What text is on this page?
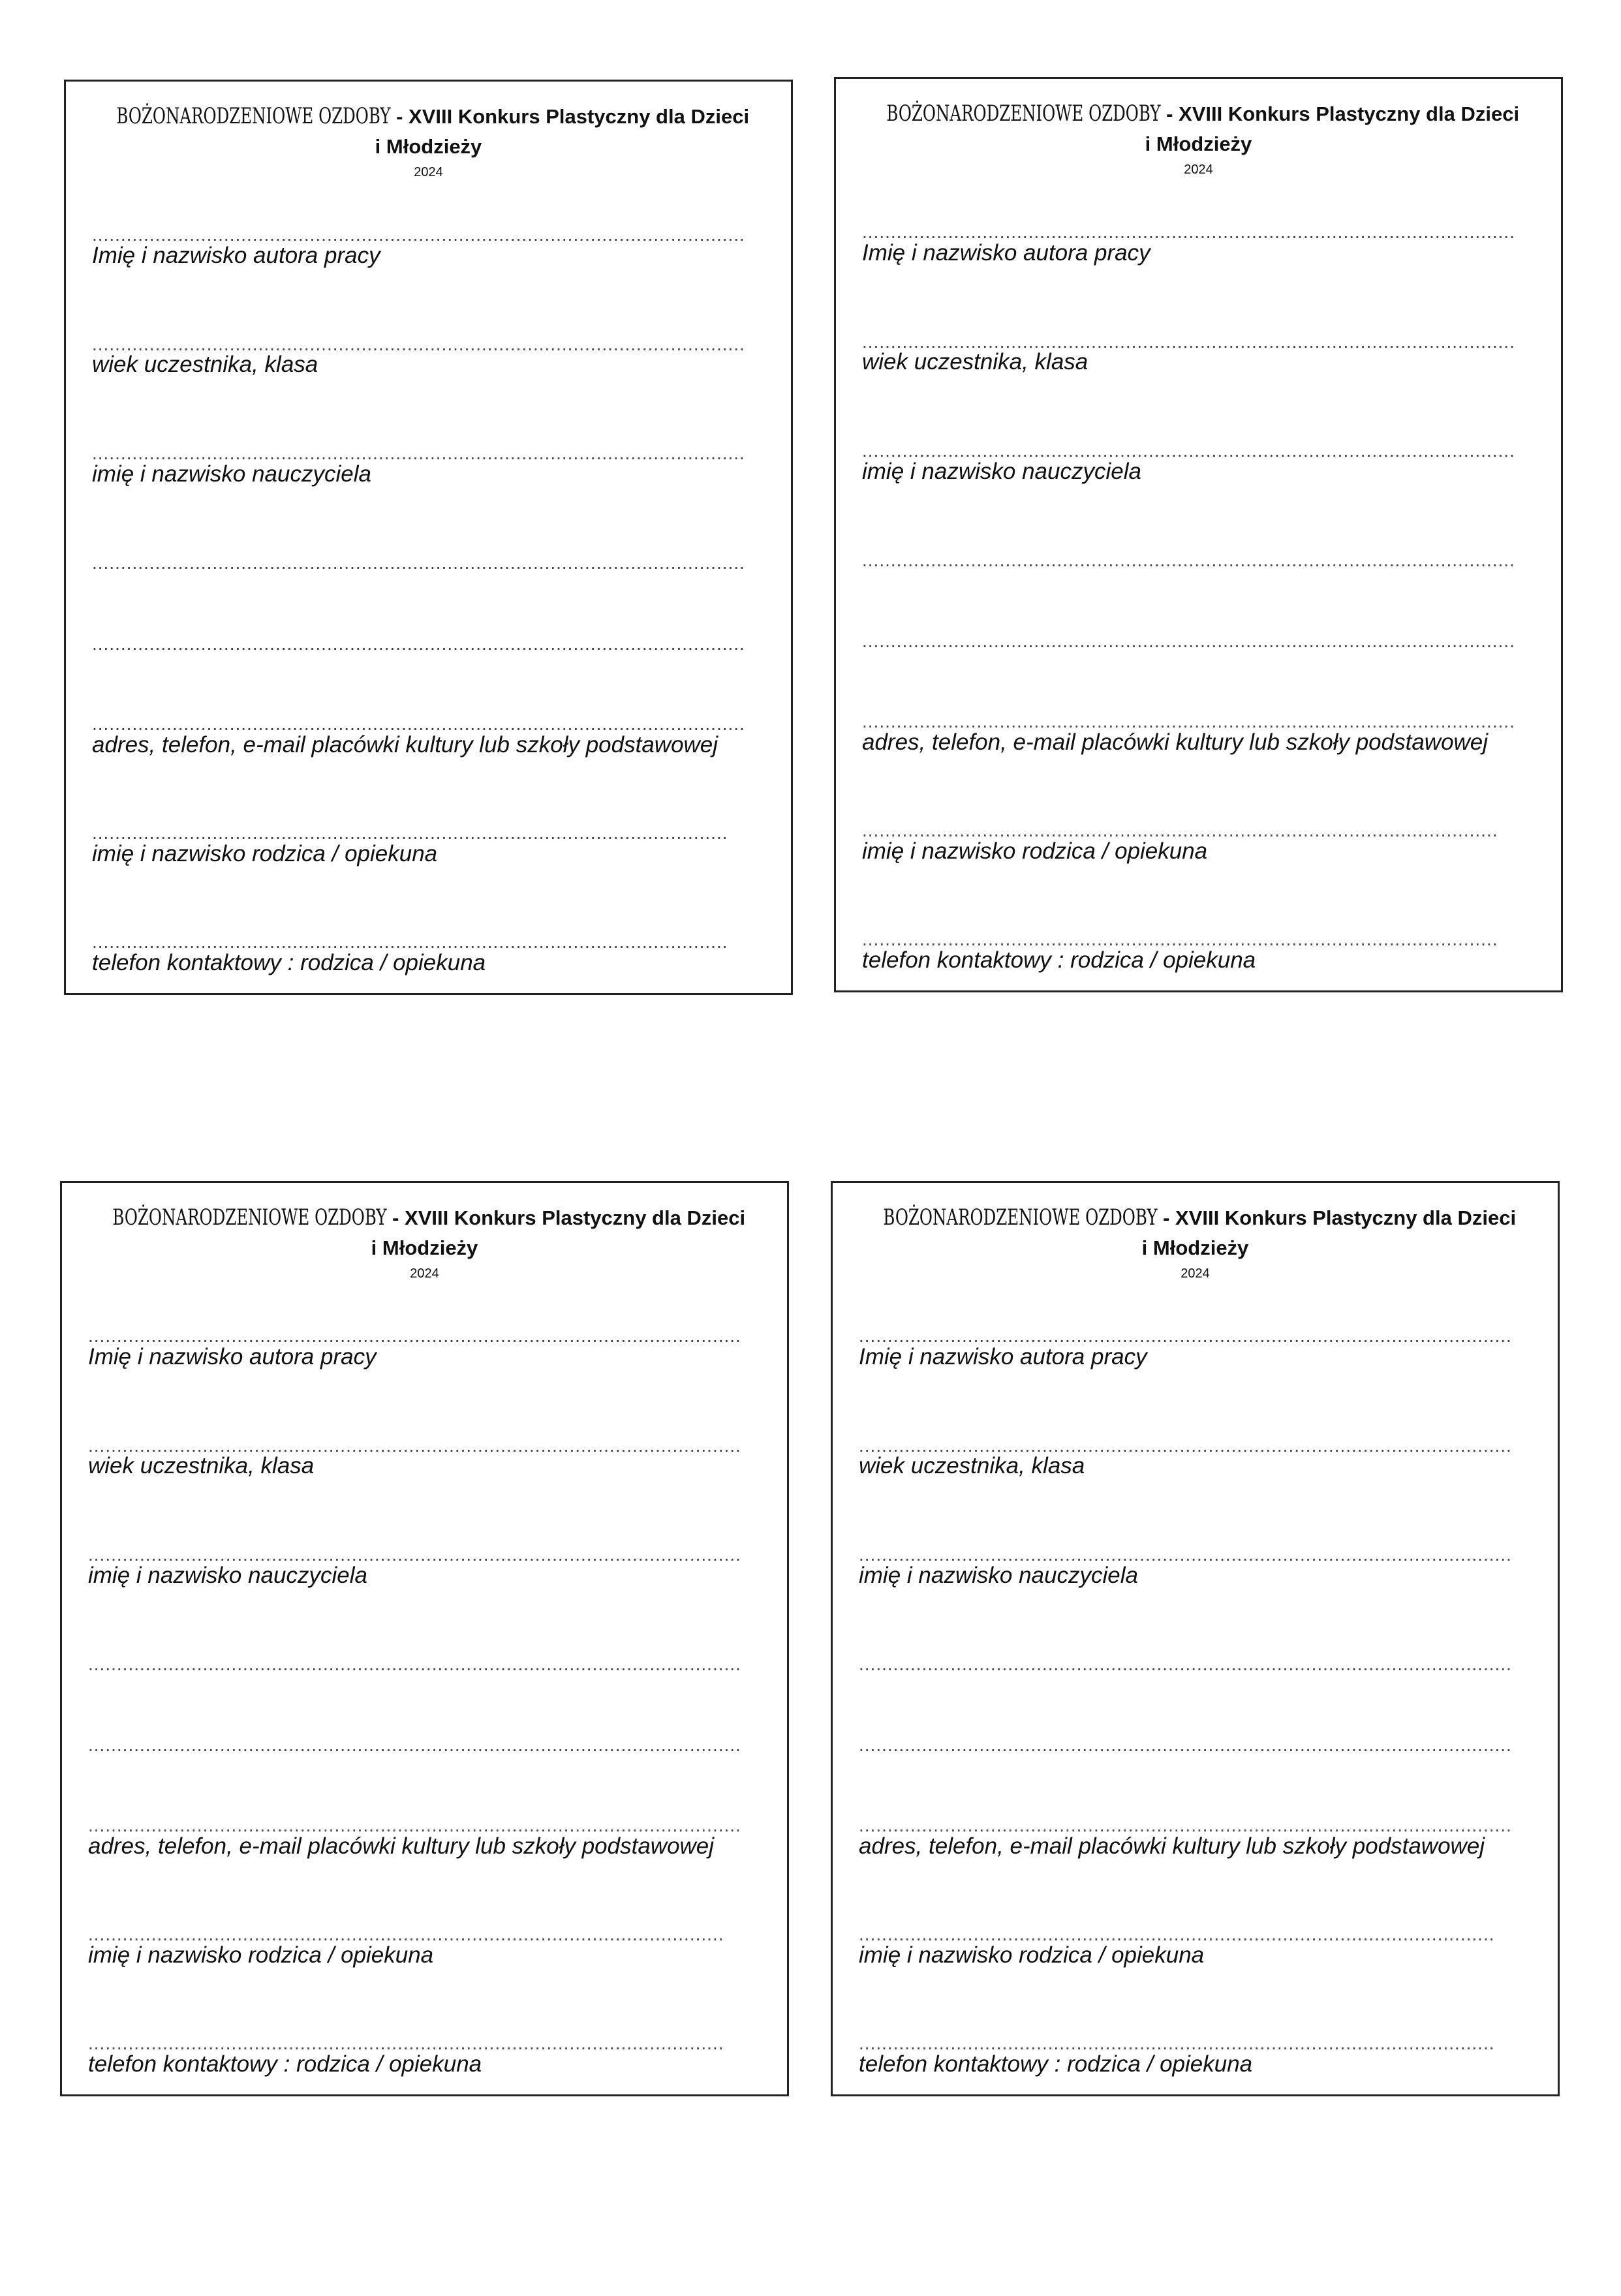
BOŻONARODZENIOWE OZDOBY - XVIII Konkurs Plastyczny dla Dzieci
i Młodzieży
2024
..................................................................................................................
Imię i nazwisko autora pracy
..................................................................................................................
wiek uczestnika, klasa
..................................................................................................................
imię i nazwisko nauczyciela
..................................................................................................................
..................................................................................................................
..................................................................................................................
adres, telefon, e-mail placówki kultury lub szkoły podstawowej
...............................................................................................................
imię i nazwisko rodzica / opiekuna
...............................................................................................................
telefon kontaktowy : rodzica / opiekuna
BOŻONARODZENIOWE OZDOBY - XVIII Konkurs Plastyczny dla Dzieci
i Młodzieży
2024
..................................................................................................................
Imię i nazwisko autora pracy
..................................................................................................................
wiek uczestnika, klasa
..................................................................................................................
imię i nazwisko nauczyciela
..................................................................................................................
..................................................................................................................
..................................................................................................................
adres, telefon, e-mail placówki kultury lub szkoły podstawowej
...............................................................................................................
imię i nazwisko rodzica / opiekuna
...............................................................................................................
telefon kontaktowy : rodzica / opiekuna
BOŻONARODZENIOWE OZDOBY - XVIII Konkurs Plastyczny dla Dzieci
i Młodzieży
2024
..................................................................................................................
Imię i nazwisko autora pracy
..................................................................................................................
wiek uczestnika, klasa
..................................................................................................................
imię i nazwisko nauczyciela
..................................................................................................................
..................................................................................................................
..................................................................................................................
adres, telefon, e-mail placówki kultury lub szkoły podstawowej
...............................................................................................................
imię i nazwisko rodzica / opiekuna
...............................................................................................................
telefon kontaktowy : rodzica / opiekuna
BOŻONARODZENIOWE OZDOBY - XVIII Konkurs Plastyczny dla Dzieci
i Młodzieży
2024
..................................................................................................................
Imię i nazwisko autora pracy
..................................................................................................................
wiek uczestnika, klasa
..................................................................................................................
imię i nazwisko nauczyciela
..................................................................................................................
..................................................................................................................
..................................................................................................................
adres, telefon, e-mail placówki kultury lub szkoły podstawowej
...............................................................................................................
imię i nazwisko rodzica / opiekuna
...............................................................................................................
telefon kontaktowy : rodzica / opiekuna
